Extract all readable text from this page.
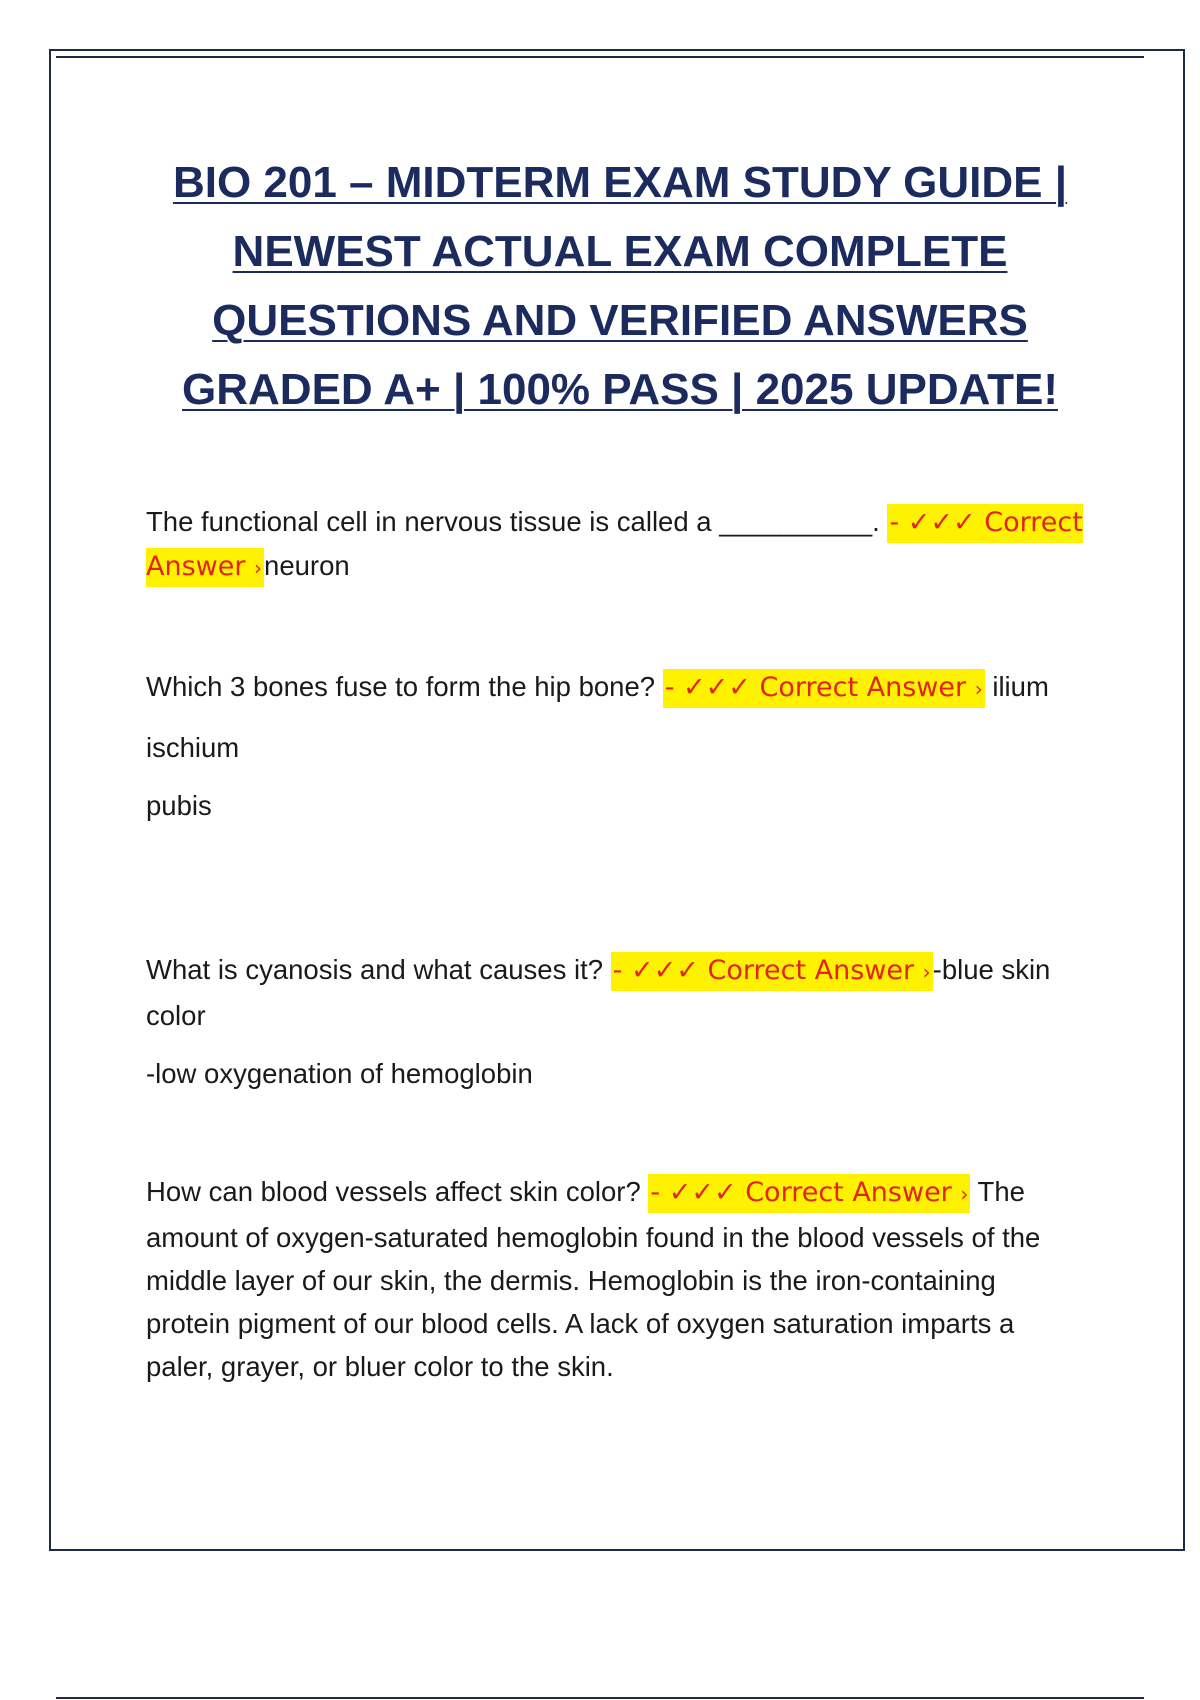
BIO 201 – MIDTERM EXAM STUDY GUIDE |
NEWEST ACTUAL EXAM COMPLETE
QUESTIONS AND VERIFIED ANSWERS
GRADED A+ | 100% PASS | 2025 UPDATE!

The functional cell in nervous tissue is called a __________. - ✓✓✓ Correct Answer ›neuron

Which 3 bones fuse to form the hip bone? - ✓✓✓ Correct Answer › ilium

ischium

pubis

What is cyanosis and what causes it? - ✓✓✓ Correct Answer ›-blue skin color

-low oxygenation of hemoglobin

How can blood vessels affect skin color? - ✓✓✓ Correct Answer › The amount of oxygen-saturated hemoglobin found in the blood vessels of the middle layer of our skin, the dermis. Hemoglobin is the iron-containing protein pigment of our blood cells. A lack of oxygen saturation imparts a paler, grayer, or bluer color to the skin.
